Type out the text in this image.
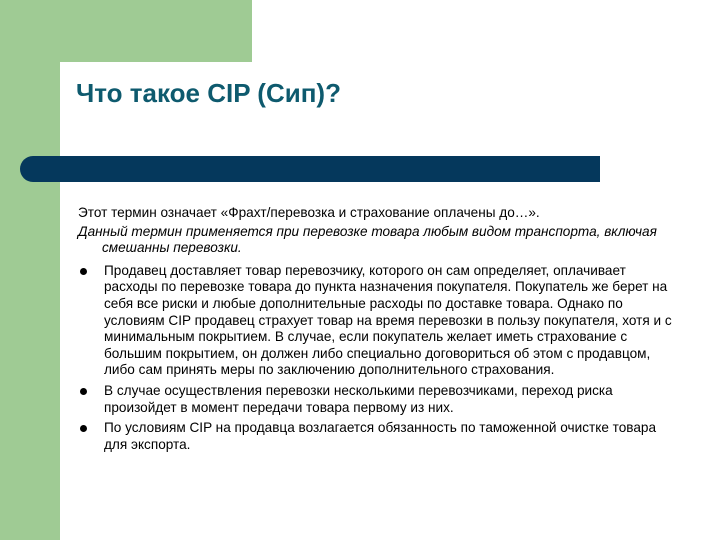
Что такое CIP (Сип)?

Этот термин означает «Фрахт/перевозка и страхование оплачены до…».

Данный термин применяется при перевозке товара любым видом транспорта, включая смешанны перевозки.

Продавец доставляет товар перевозчику, которого он сам определяет, оплачивает расходы по перевозке товара до пункта назначения покупателя. Покупатель же берет на себя все риски и любые дополнительные расходы по доставке товара. Однако по условиям CIP продавец страхует товар на время перевозки в пользу покупателя, хотя и с минимальным покрытием. В случае, если покупатель желает иметь страхование с большим покрытием, он должен либо специально договориться об этом с продавцом, либо сам принять меры по заключению дополнительного страхования.
В случае осуществления перевозки несколькими перевозчиками, переход риска произойдет в момент передачи товара первому из них.
По условиям CIP на продавца возлагается обязанность по таможенной очистке товара для экспорта.
